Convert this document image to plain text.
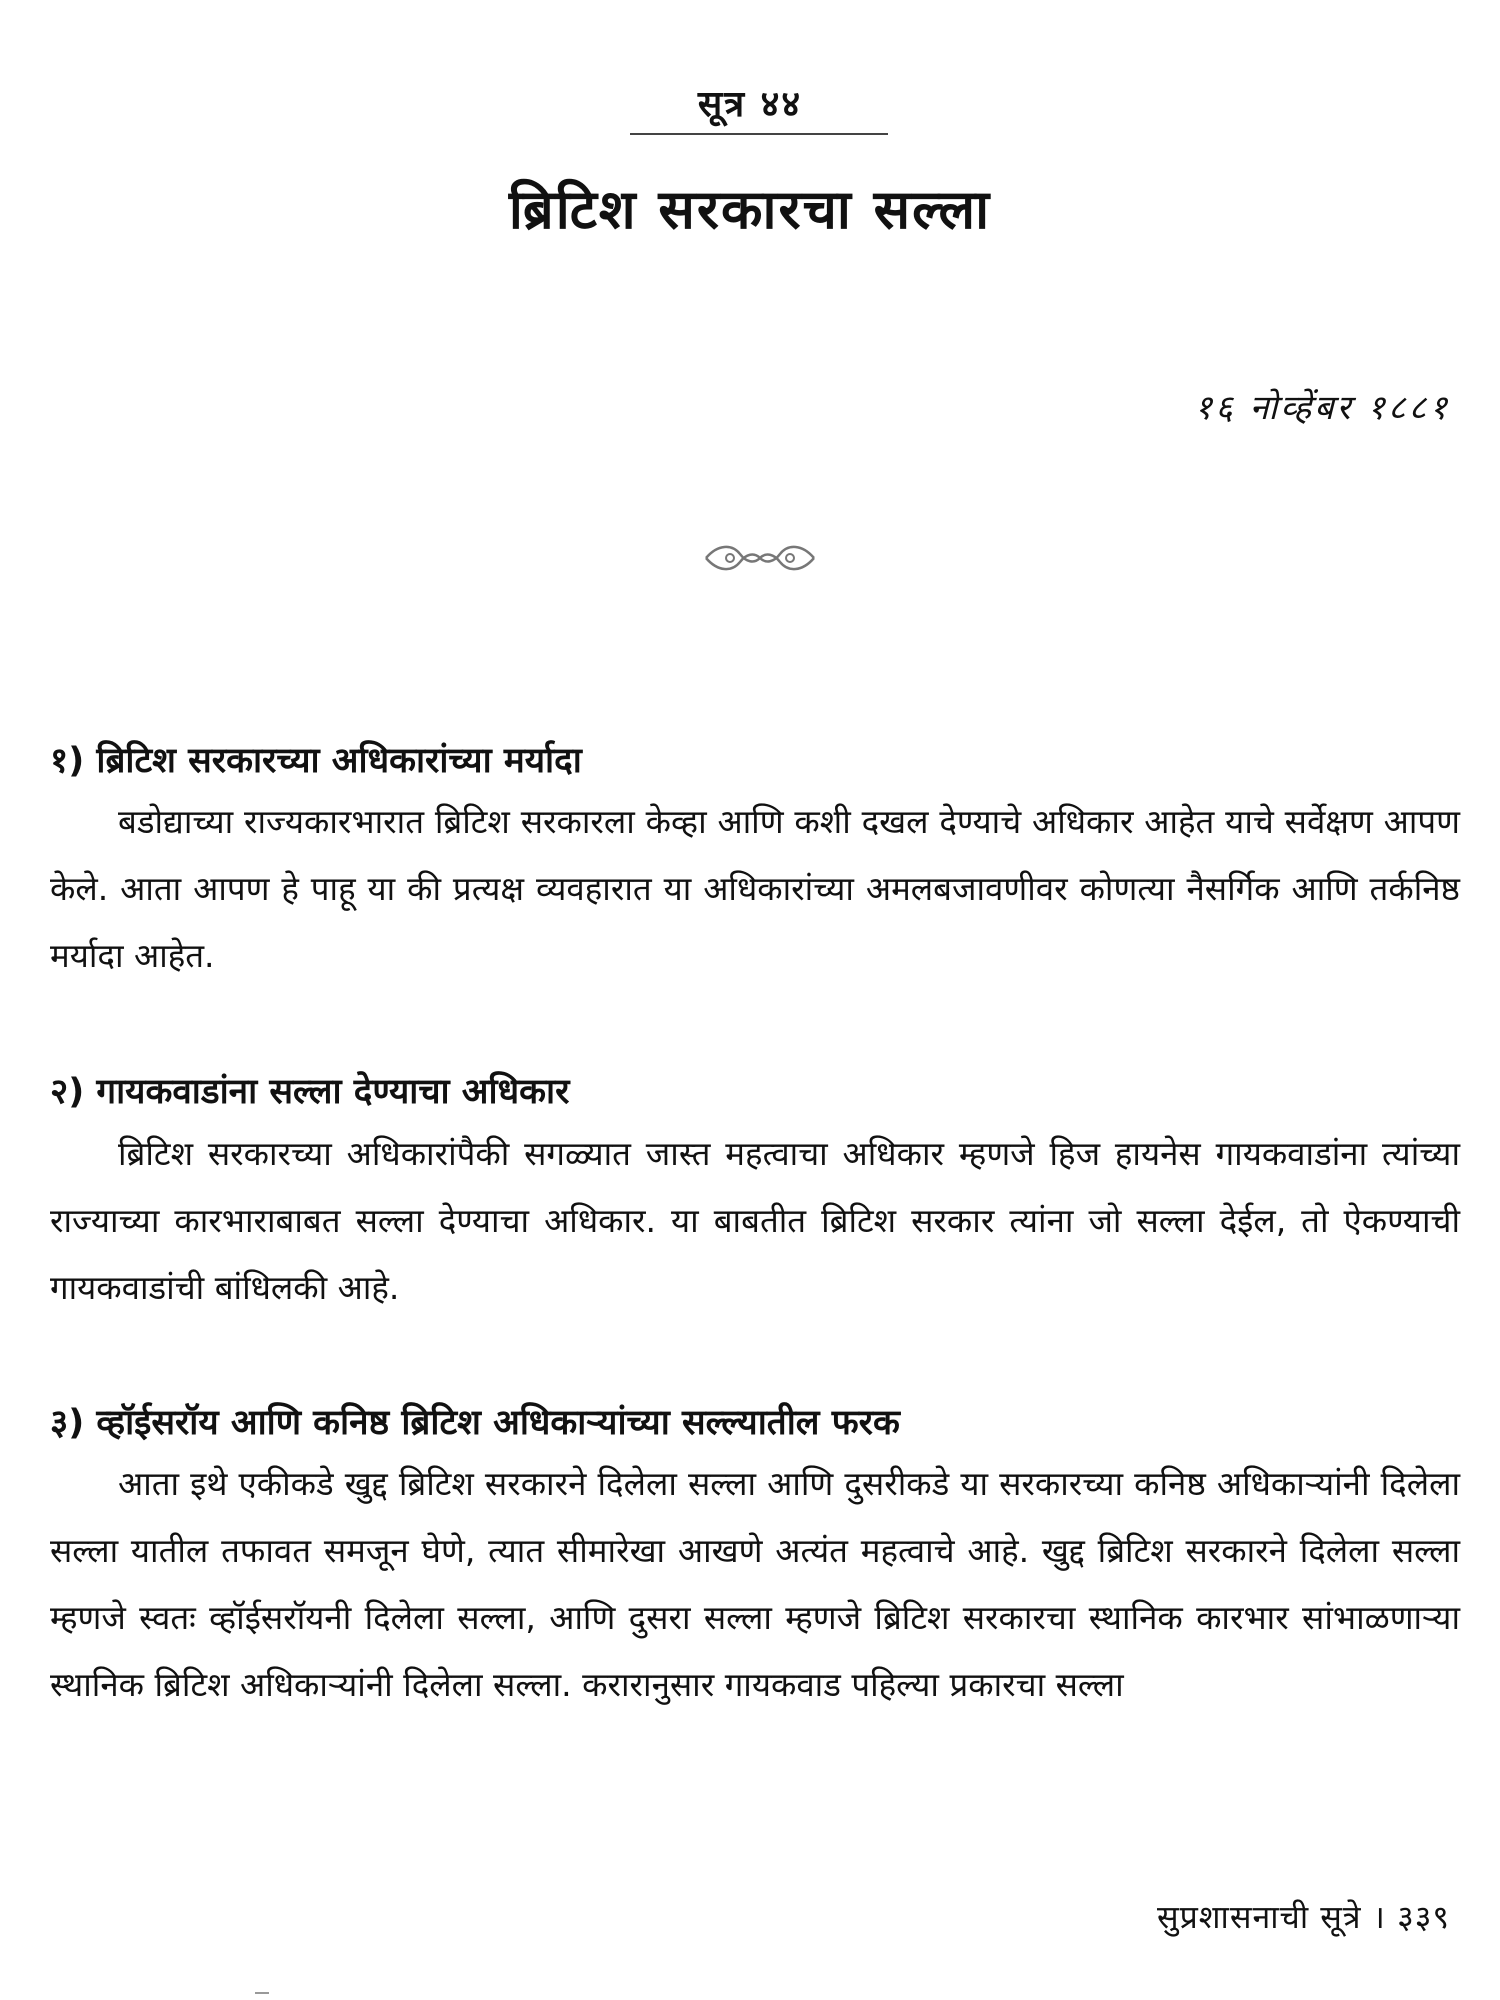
सूत्र ४४
ब्रिटिश सरकारचा सल्ला
१६ नोव्हेंबर १८८१
१) ब्रिटिश सरकारच्या अधिकारांच्या मर्यादा
बडोद्याच्या राज्यकारभारात ब्रिटिश सरकारला केव्हा आणि कशी दखल देण्याचे अधिकार आहेत याचे सर्वेक्षण आपण केले. आता आपण हे पाहू या की प्रत्यक्ष व्यवहारात या अधिकारांच्या अमलबजावणीवर कोणत्या नैसर्गिक आणि तर्कनिष्ठ मर्यादा आहेत.
२) गायकवाडांना सल्ला देण्याचा अधिकार
ब्रिटिश सरकारच्या अधिकारांपैकी सगळ्यात जास्त महत्वाचा अधिकार म्हणजे हिज हायनेस गायकवाडांना त्यांच्या राज्याच्या कारभाराबाबत सल्ला देण्याचा अधिकार. या बाबतीत ब्रिटिश सरकार त्यांना जो सल्ला देईल, तो ऐकण्याची गायकवाडांची बांधिलकी आहे.
३) व्हॉईसरॉय आणि कनिष्ठ ब्रिटिश अधिकाऱ्यांच्या सल्ल्यातील फरक
आता इथे एकीकडे खुद्द ब्रिटिश सरकारने दिलेला सल्ला आणि दुसरीकडे या सरकारच्या कनिष्ठ अधिकाऱ्यांनी दिलेला सल्ला यातील तफावत समजून घेणे, त्यात सीमारेखा आखणे अत्यंत महत्वाचे आहे. खुद्द ब्रिटिश सरकारने दिलेला सल्ला म्हणजे स्वतः व्हॉईसरॉयनी दिलेला सल्ला, आणि दुसरा सल्ला म्हणजे ब्रिटिश सरकारचा स्थानिक कारभार सांभाळणाऱ्या स्थानिक ब्रिटिश अधिकाऱ्यांनी दिलेला सल्ला. करारानुसार गायकवाड पहिल्या प्रकारचा सल्ला
सुप्रशासनाची सूत्रे । ३३९
